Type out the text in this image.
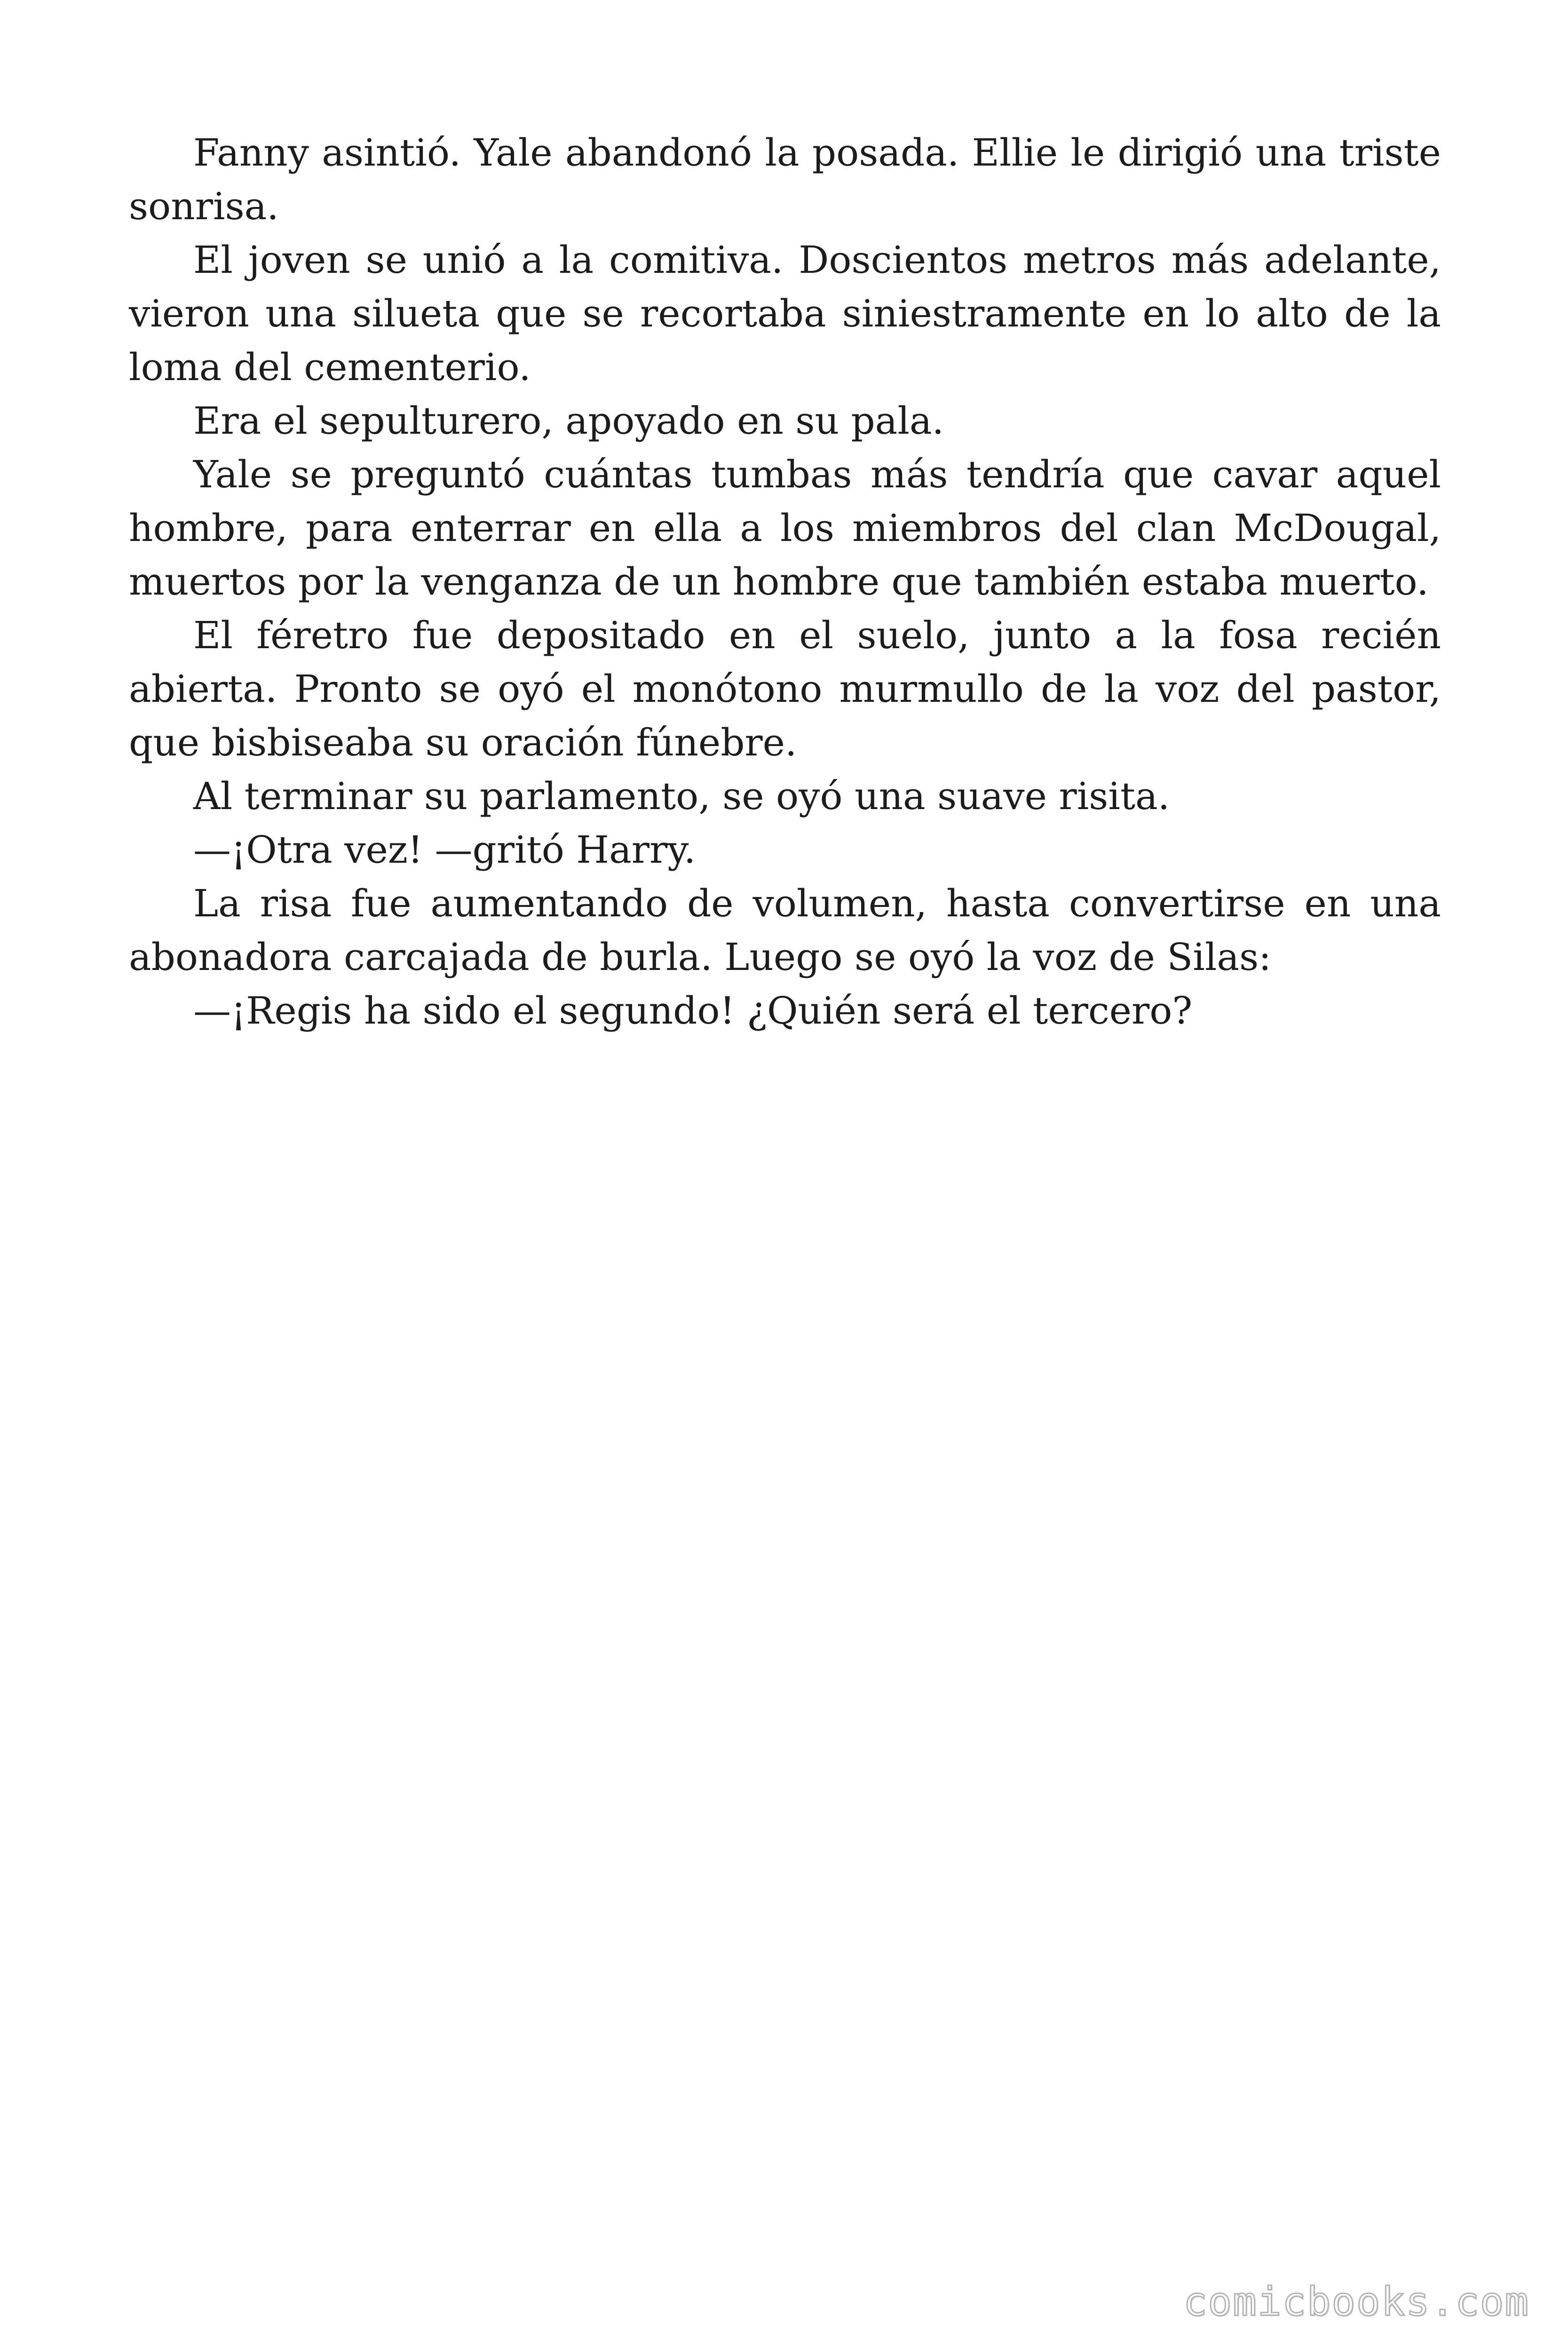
Fanny asintió. Yale abandonó la posada. Ellie le dirigió una triste sonrisa.

El joven se unió a la comitiva. Doscientos metros más adelante, vieron una silueta que se recortaba siniestramente en lo alto de la loma del cementerio.

Era el sepulturero, apoyado en su pala.

Yale se preguntó cuántas tumbas más tendría que cavar aquel hombre, para enterrar en ella a los miembros del clan McDougal, muertos por la venganza de un hombre que también estaba muerto.

El féretro fue depositado en el suelo, junto a la fosa recién abierta. Pronto se oyó el monótono murmullo de la voz del pastor, que bisbiseaba su oración fúnebre.

Al terminar su parlamento, se oyó una suave risita.

—¡Otra vez! —gritó Harry.

La risa fue aumentando de volumen, hasta convertirse en una abonadora carcajada de burla. Luego se oyó la voz de Silas:

—¡Regis ha sido el segundo! ¿Quién será el tercero?

comicbooks.com
